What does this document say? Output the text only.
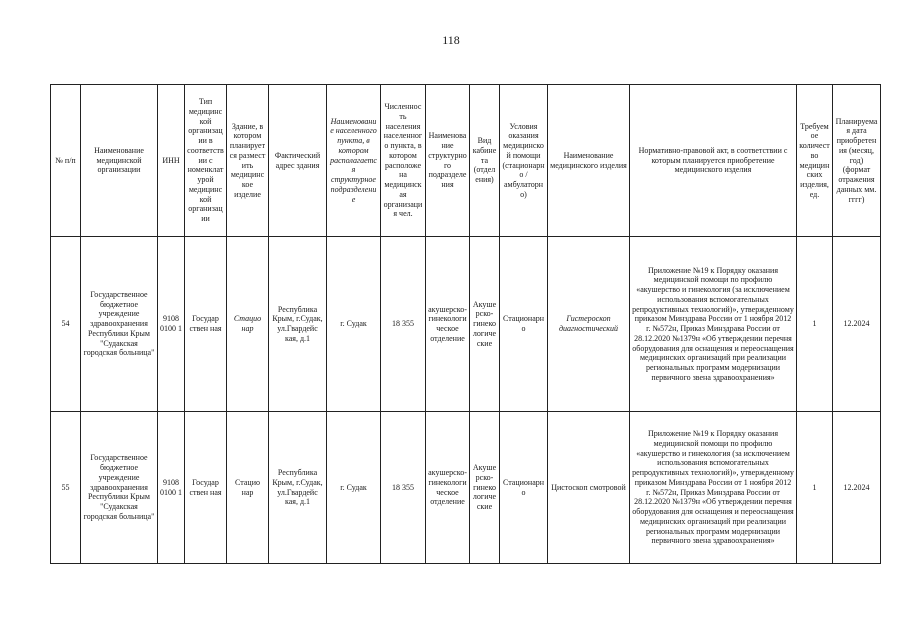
118
№ п/п	Наименование медицинской организации	ИНН	Тип медицинской организации в соответствии с номенклатурой медицинской организации	Здание, в котором планируется размест ить медицинское изделие	Фактический адрес здания	Наименование населенного пункта, в котором располагается структурное подразделение	Численность населения населенного пункта, в котором расположена медицинская организация чел.	Наименование структурного подразделения	Вид кабинета (отделения)	Условия оказания медицинской помощи (стационарно / амбулаторно)	Наименование медицинского изделия	Нормативно-правовой акт, в соответствии с которым планируется приобретение медицинского изделия	Требуемое количество медицинских изделия, ед.	Планируемая дата приобретения (месяц, год) (формат отражения данных мм. гггг)
54	Государственное бюджетное учреждение здравоохранения Республики Крым "Судакская городская больница"	9108 0100 1	Государ ствен ная	Стацио нар	Республика Крым, г.Судак, ул.Гвардейс кая, д.1	г. Судак	18 355	акушерско-гинекологическое отделение	Акушерско-гинекологические	Стационарно	Гистероскоп диагностический	Приложение №19 к Порядку оказания медицинской помощи по профилю «акушерство и гинекология (за исключением использования вспомогательных репродуктивных технологий)», утвержденному приказом Минздрава России от 1 ноября 2012 г. №572н, Приказ Минздрава России от 28.12.2020 №1379н «Об утверждении перечня оборудования для оснащения и переоснащения медицинских организаций при реализации региональных программ модернизации первичного звена здравоохранения»	1	12.2024
55	Государственное бюджетное учреждение здравоохранения Республики Крым "Судакская городская больница"	9108 0100 1	Государ ствен ная	Стацио нар	Республика Крым, г.Судак, ул.Гвардейс кая, д.1	г. Судак	18 355	акушерско-гинекологическое отделение	Акушерско-гинекологические	Стационарно	Цистоскоп смотровой	Приложение №19 к Порядку оказания медицинской помощи по профилю «акушерство и гинекология (за исключением использования вспомогательных репродуктивных технологий)», утвержденному приказом Минздрава России от 1 ноября 2012 г. №572н, Приказ Минздрава России от 28.12.2020 №1379н «Об утверждении перечня оборудования для оснащения и переоснащения медицинских организаций при реализации региональных программ модернизации первичного звена здравоохранения»	1	12.2024
